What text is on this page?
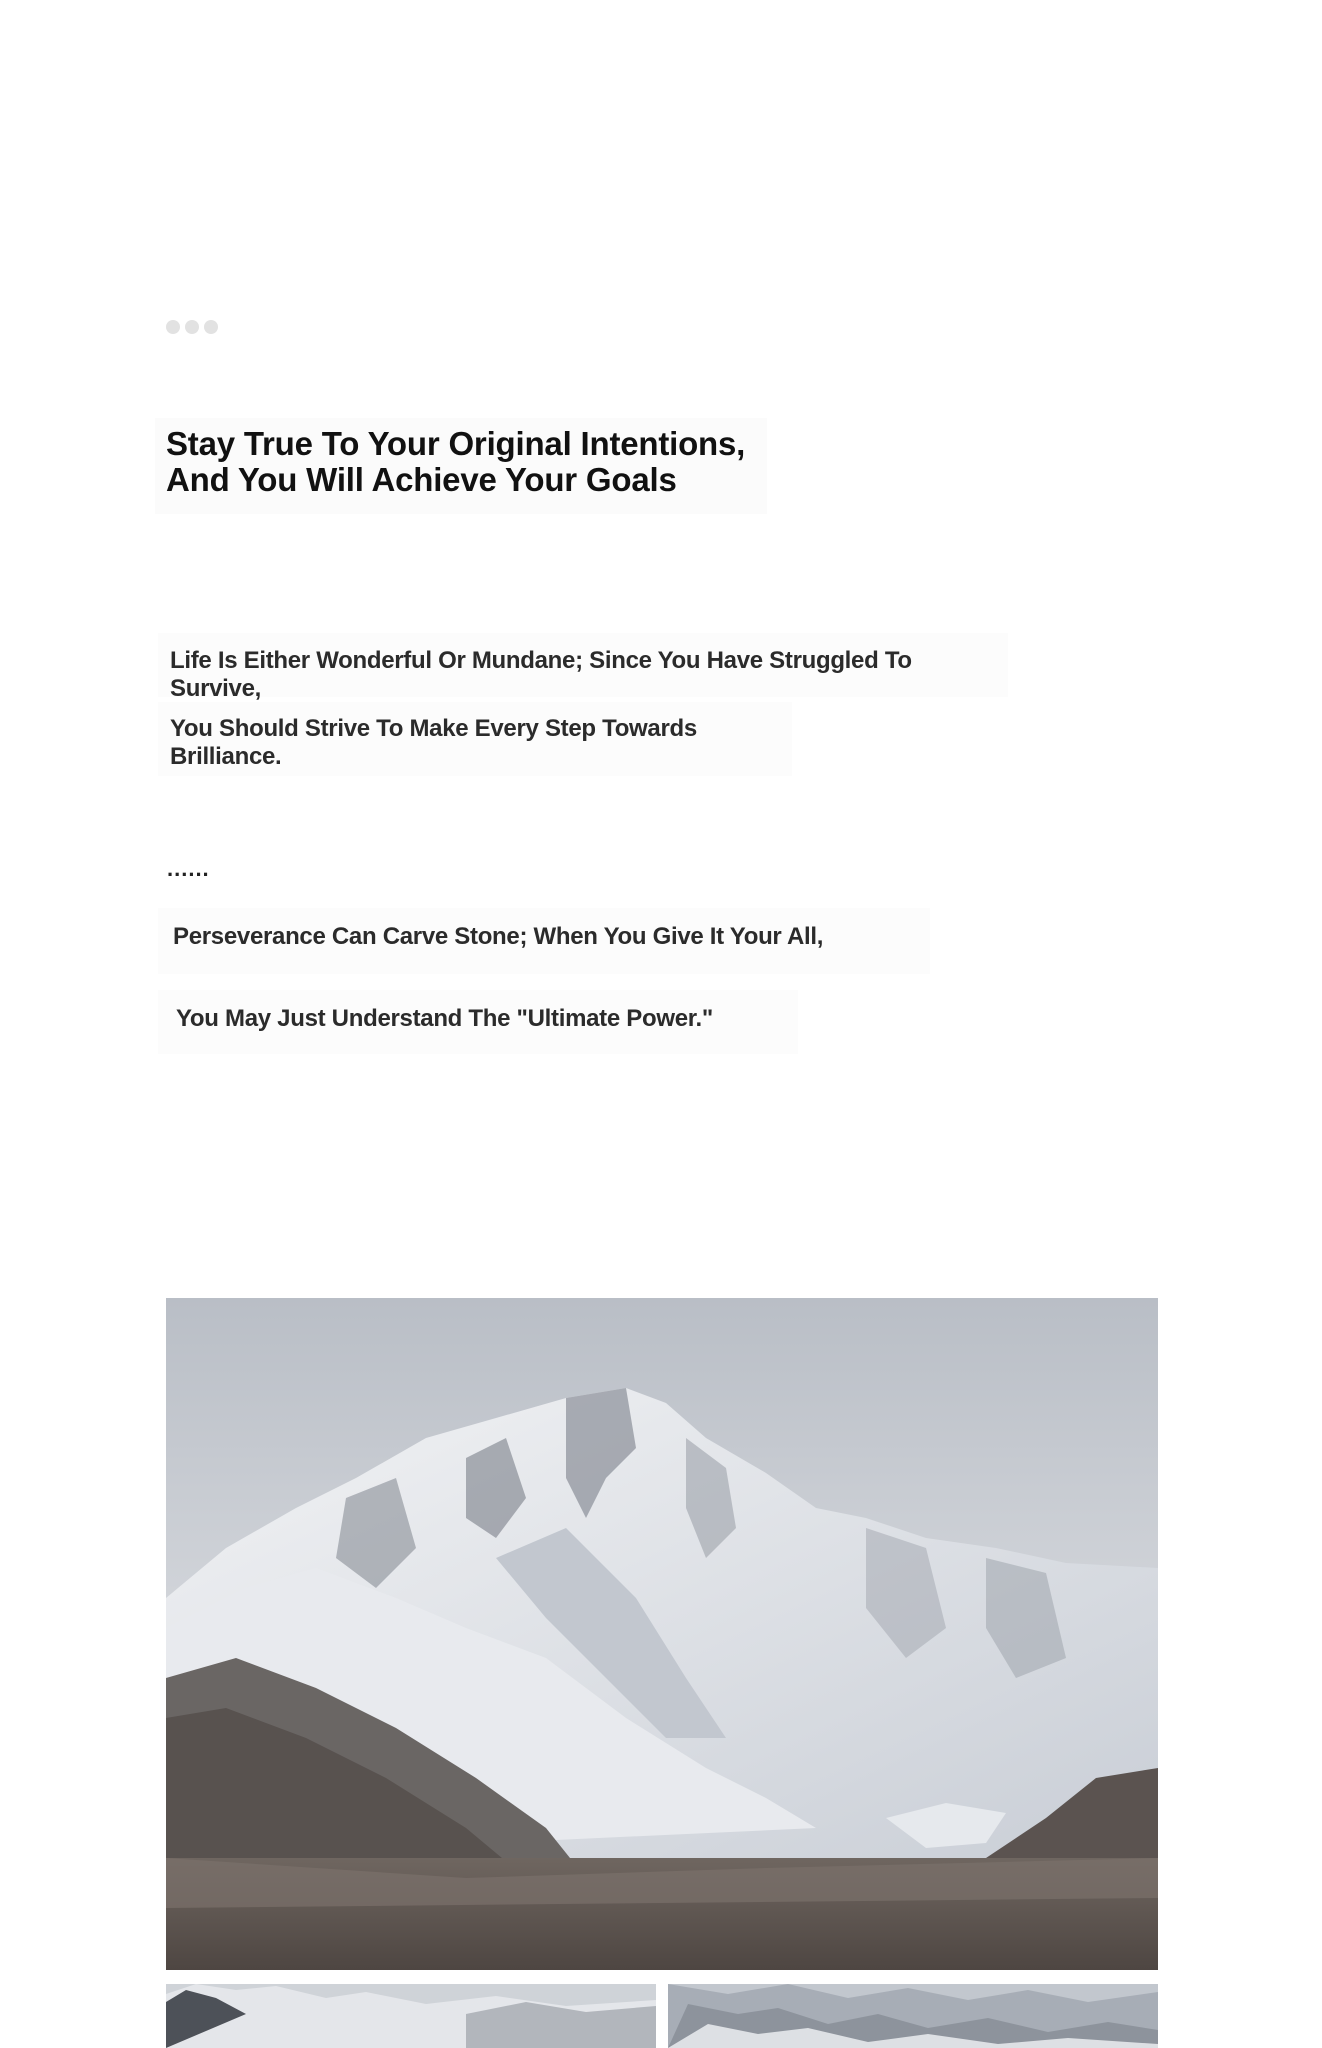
Stay True To Your Original Intentions,
And You Will Achieve Your Goals

Life Is Either Wonderful Or Mundane; Since You Have Struggled To Survive,

You Should Strive To Make Every Step Towards
Brilliance.

......

Perseverance Can Carve Stone; When You Give It Your All,

You May Just Understand The "Ultimate Power."
